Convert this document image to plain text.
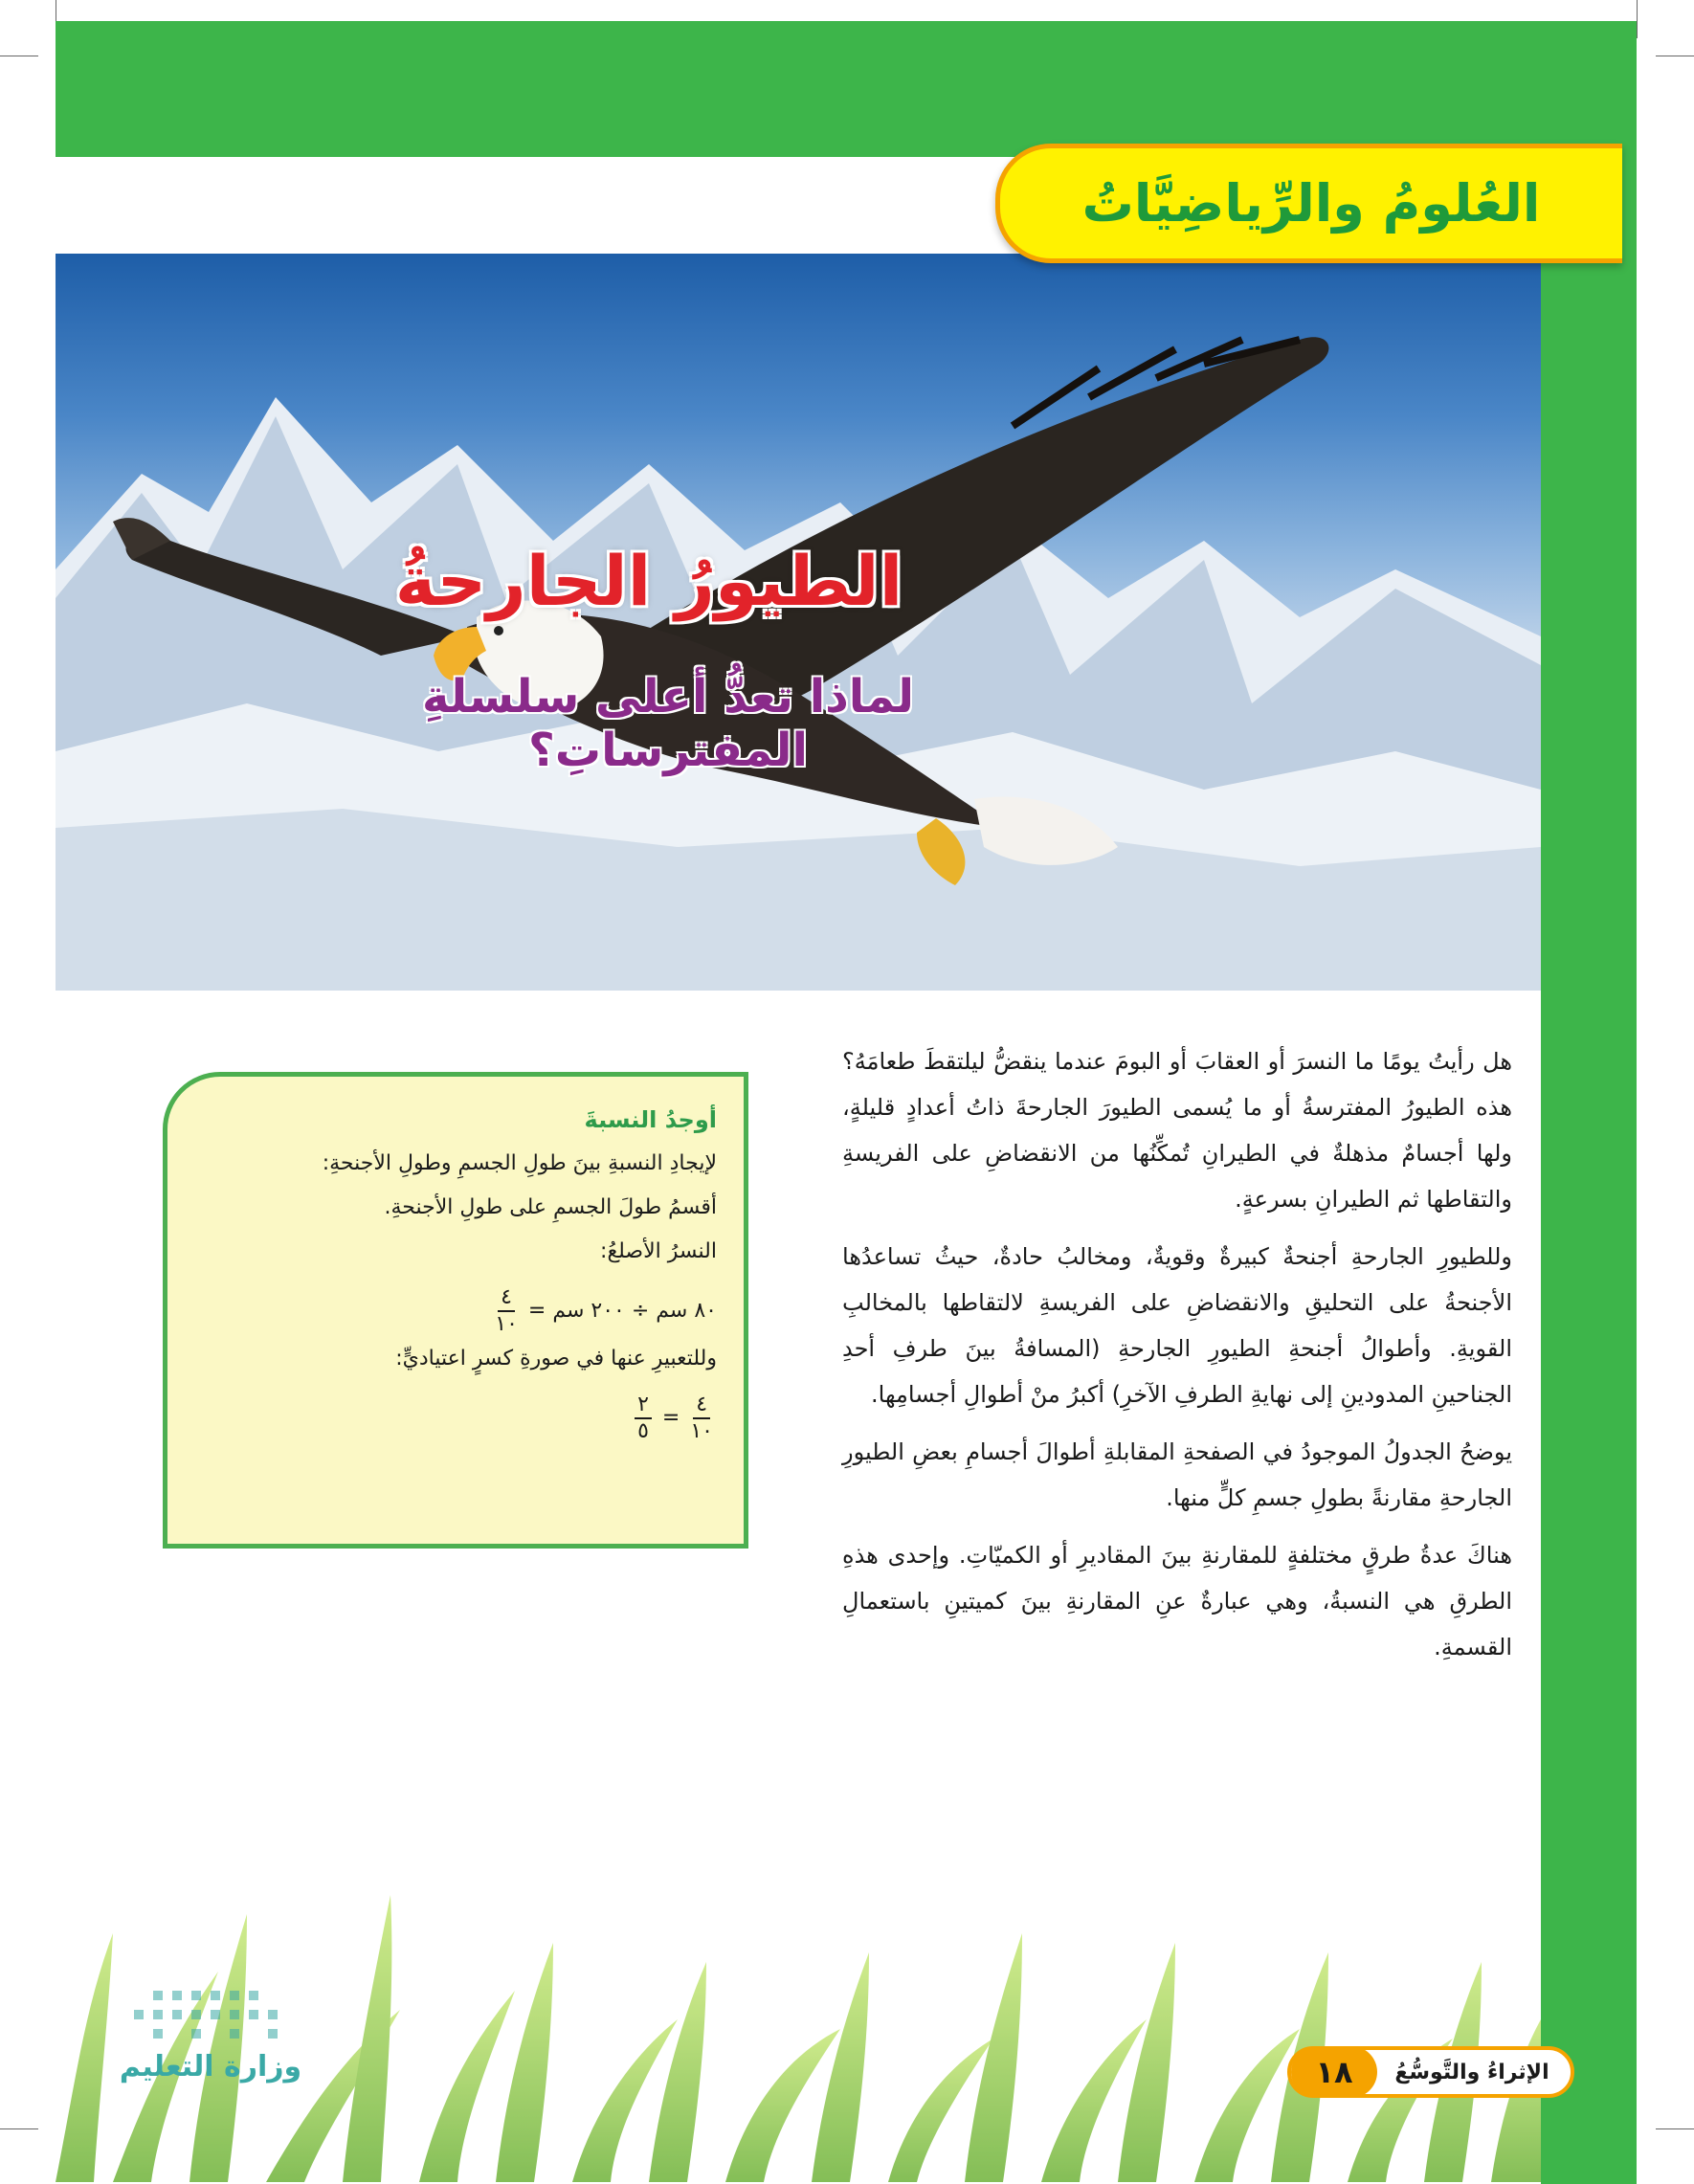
الطيورُ الجارحةُ
لماذا تعدُّ أعلى سلسلةِ المفترساتِ؟
العُلومُ والرِّياضِيَّاتُ

هل رأيتُ يومًا ما النسرَ أو العقابَ أو البومَ عندما ينقضُّ ليلتقطَ طعامَهُ؟ هذه الطيورُ المفترسةُ أو ما يُسمى الطيورَ الجارحةَ ذاتُ أعدادٍ قليلةٍ، ولها أجسامٌ مذهلةٌ في الطيرانِ تُمكِّنُها من الانقضاضِ على الفريسةِ والتقاطها ثم الطيرانِ بسرعةٍ.

وللطيورِ الجارحةِ أجنحةٌ كبيرةٌ وقويةٌ، ومخالبُ حادةٌ، حيثُ تساعدُها الأجنحةُ على التحليقِ والانقضاضِ على الفريسةِ لالتقاطها بالمخالبِ القويةِ. وأطوالُ أجنحةِ الطيورِ الجارحةِ (المسافةُ بينَ طرفِ أحدِ الجناحينِ المدودينِ إلى نهايةِ الطرفِ الآخرِ) أكبرُ منْ أطوالِ أجسامِها.

يوضحُ الجدولُ الموجودُ في الصفحةِ المقابلةِ أطوالَ أجسامِ بعضِ الطيورِ الجارحةِ مقارنةً بطولِ جسمِ كلٍّ منها.

هناكَ عدةُ طرقٍ مختلفةٍ للمقارنةِ بينَ المقاديرِ أو الكميّاتِ. وإحدى هذهِ الطرقِ هي النسبةُ، وهي عبارةٌ عنِ المقارنةِ بينَ كميتينِ باستعمالِ القسمةِ.

أوجدُ النسبةَ
لإيجادِ النسبةِ بينَ طولِ الجسمِ وطولِ الأجنحةِ:
أقسمُ طولَ الجسمِ على طولِ الأجنحةِ.
النسرُ الأصلعُ:
٨٠ سم ÷ ٢٠٠ سم =
$\frac{٤}{١٠}$
وللتعبيرِ عنها في صورةِ كسرٍ اعتياديٍّ:
$\frac{٤}{١٠}$
=
$\frac{٢}{٥}$
وزارة التعليم	الإثراءُ والتَّوسُّعُ
١٨
